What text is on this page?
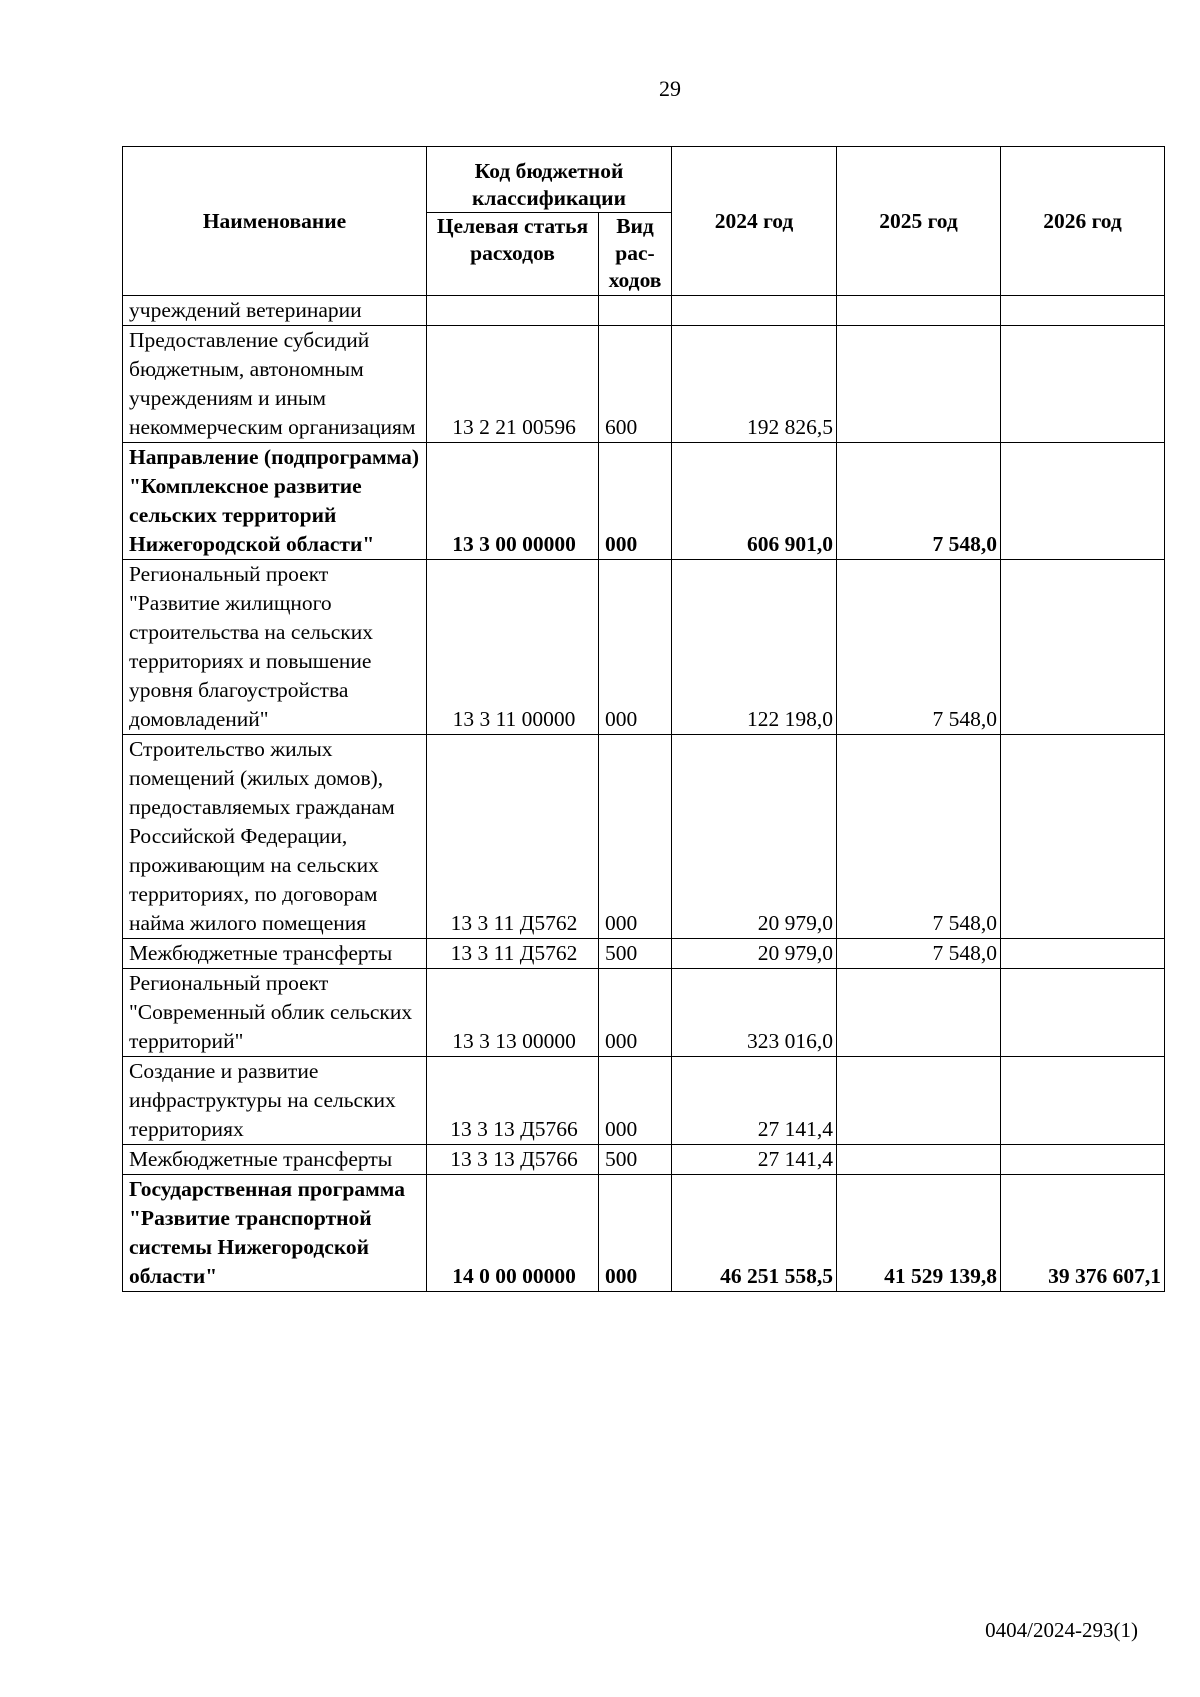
29
Наименование	Код бюджетной классификации		2024 год	2025 год	2026 год
	Целевая статья расходов	Вид рас-ходов			
учреждений ветеринарии					
Предоставление субсидий бюджетным, автономным учреждениям и иным некоммерческим организациям	13 2 21 00596	600	192 826,5		
Направление (подпрограмма) "Комплексное развитие сельских территорий Нижегородской области"	13 3 00 00000	000	606 901,0	7 548,0	
Региональный проект "Развитие жилищного строительства на сельских территориях и повышение уровня благоустройства домовладений"	13 3 11 00000	000	122 198,0	7 548,0	
Строительство жилых помещений (жилых домов), предоставляемых гражданам Российской Федерации, проживающим на сельских территориях, по договорам найма жилого помещения	13 3 11 Д5762	000	20 979,0	7 548,0	
Межбюджетные трансферты	13 3 11 Д5762	500	20 979,0	7 548,0	
Региональный проект "Современный облик сельских территорий"	13 3 13 00000	000	323 016,0		
Создание и развитие инфраструктуры на сельских территориях	13 3 13 Д5766	000	27 141,4		
Межбюджетные трансферты	13 3 13 Д5766	500	27 141,4		
Государственная программа "Развитие транспортной системы Нижегородской области"	14 0 00 00000	000	46 251 558,5	41 529 139,8	39 376 607,1
0404/2024-293(1)
